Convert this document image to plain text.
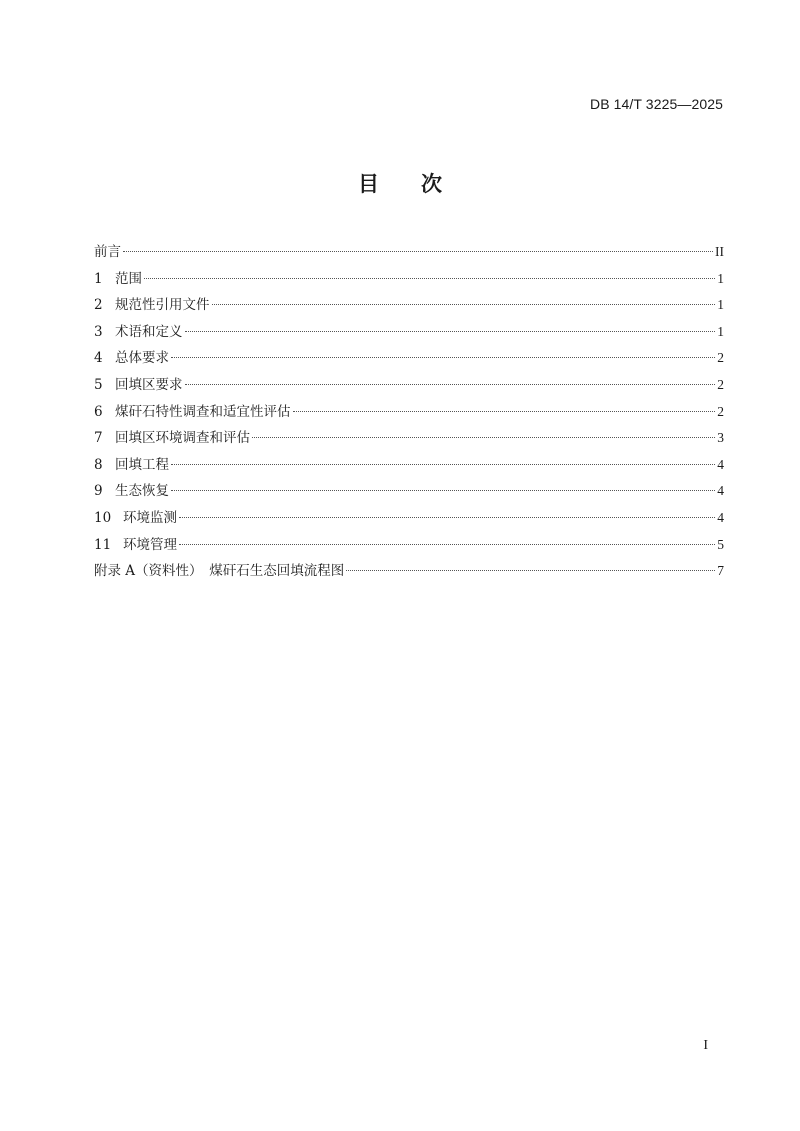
DB 14/T 3225—2025
目 次
前言	II
1 范围	1
2 规范性引用文件	1
3 术语和定义	1
4 总体要求	2
5 回填区要求	2
6 煤矸石特性调查和适宜性评估	2
7 回填区环境调查和评估	3
8 回填工程	4
9 生态恢复	4
10 环境监测	4
11 环境管理	5
附录 A（资料性）　煤矸石生态回填流程图	7
I
